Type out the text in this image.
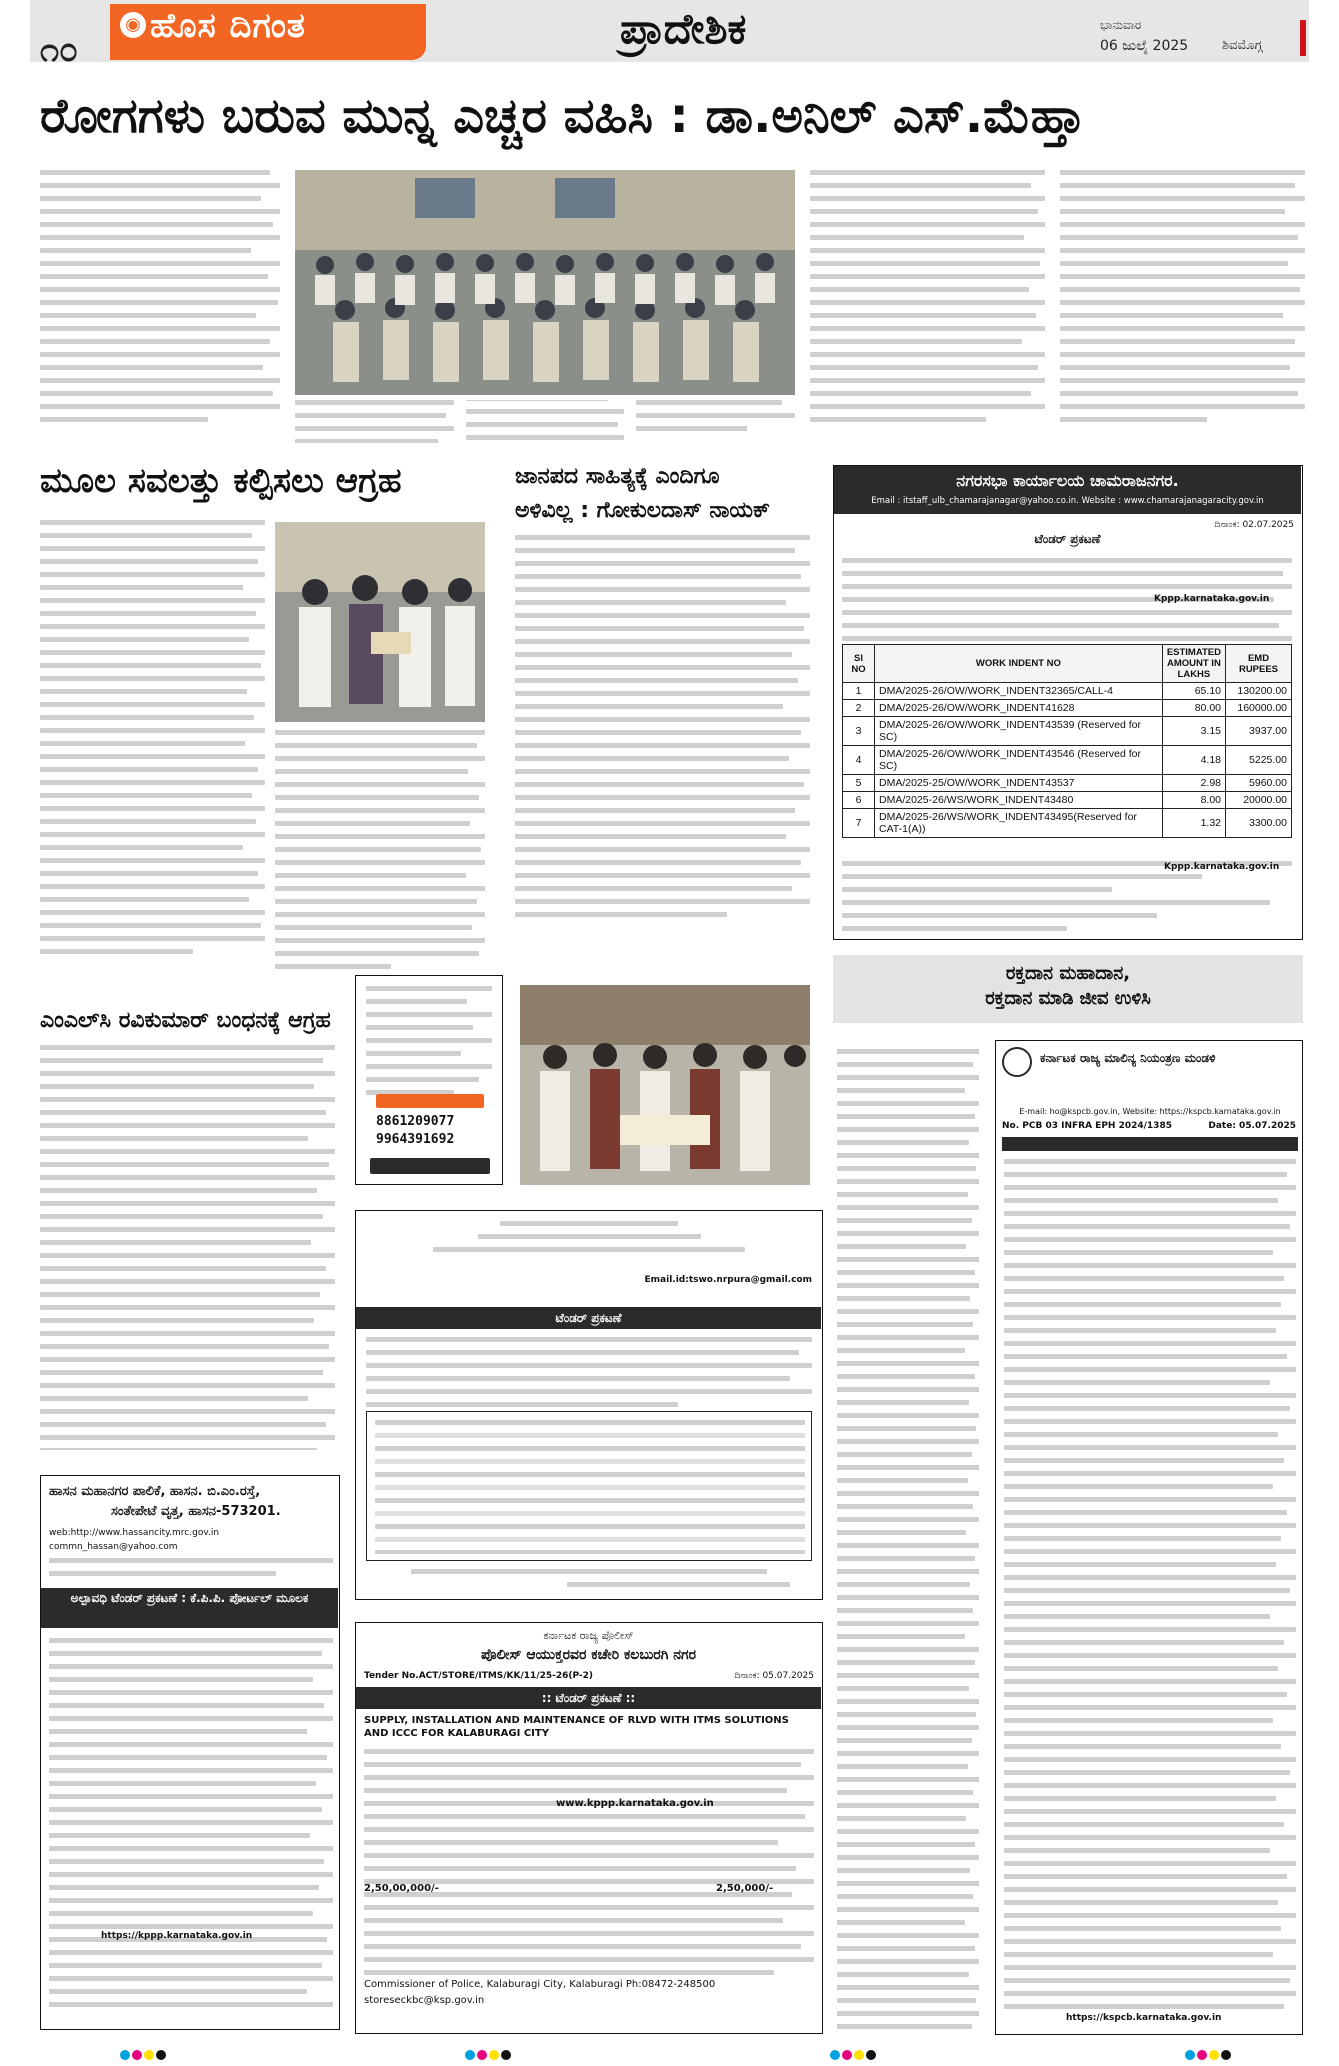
೧೦
◉ ಹೊಸ ದಿಗಂತ	ಪ್ರಾದೇಶಿಕ	ಭಾನುವಾರ
06 ಜುಲೈ 2025	ಶಿವಮೊಗ್ಗ
ರೋಗಗಳು ಬರುವ ಮುನ್ನ ಎಚ್ಚರ ವಹಿಸಿ : ಡಾ.ಅನಿಲ್ ಎಸ್.ಮೆಹ್ತಾ
ಮೂಲ ಸವಲತ್ತು ಕಲ್ಪಿಸಲು ಆಗ್ರಹ	ಜಾನಪದ ಸಾಹಿತ್ಯಕ್ಕೆ ಎಂದಿಗೂ
ಅಳಿವಿಲ್ಲ : ಗೋಕುಲದಾಸ್ ನಾಯಕ್
ಎಂಎಲ್‌ಸಿ ರವಿಕುಮಾರ್ ಬಂಧನಕ್ಕೆ ಆಗ್ರಹ
8861209077
9964391692
ನಗರಸಭಾ ಕಾರ್ಯಾಲಯ ಚಾಮರಾಜನಗರ.
Email : itstaff_ulb_chamarajanagar@yahoo.co.in. Website : www.chamarajanagaracity.gov.in
ದಿನಾಂಕ: 02.07.2025
ಟೆಂಡರ್ ಪ್ರಕಟಣೆ
Kppp.karnataka.gov.in
Sl NO	WORK INDENT NO	ESTIMATED AMOUNT IN LAKHS	EMD RUPEES
1	DMA/2025-26/OW/WORK_INDENT32365/CALL-4	65.10	130200.00
2	DMA/2025-26/OW/WORK_INDENT41628	80.00	160000.00
3	DMA/2025-26/OW/WORK_INDENT43539 (Reserved for SC)	3.15	3937.00
4	DMA/2025-26/OW/WORK_INDENT43546 (Reserved for SC)	4.18	5225.00
5	DMA/2025-25/OW/WORK_INDENT43537	2.98	5960.00
6	DMA/2025-26/WS/WORK_INDENT43480	8.00	20000.00
7	DMA/2025-26/WS/WORK_INDENT43495(Reserved for CAT-1(A))	1.32	3300.00
Kppp.karnataka.gov.in
ರಕ್ತದಾನ ಮಹಾದಾನ,
ರಕ್ತದಾನ ಮಾಡಿ ಜೀವ ಉಳಿಸಿ
ಕರ್ನಾಟಕ ರಾಜ್ಯ ಮಾಲಿನ್ಯ ನಿಯಂತ್ರಣ ಮಂಡಳಿ
E-mail: ho@kspcb.gov.in, Website: https://kspcb.karnataka.gov.in
No. PCB 03 INFRA EPH 2024/1385	Date: 05.07.2025
https://kspcb.karnataka.gov.in
Email.id:tswo.nrpura@gmail.com
ಟೆಂಡರ್ ಪ್ರಕಟಣೆ
ಹಾಸನ ಮಹಾನಗರ ಪಾಲಿಕೆ, ಹಾಸನ. ಬಿ.ಎಂ.ರಸ್ತೆ,
ಸಂತೇಪೇಟೆ ವೃತ್ತ, ಹಾಸನ-573201.
web:http://www.hassancity.mrc.gov.in
commn_hassan@yahoo.com
ಅಲ್ಪಾವಧಿ ಟೆಂಡರ್ ಪ್ರಕಟಣೆ : ಕೆ.ಪಿ.ಪಿ. ಪೋರ್ಟಲ್ ಮೂಲಕ
https://kppp.karnataka.gov.in
ಕರ್ನಾಟಕ ರಾಜ್ಯ ಪೊಲೀಸ್
ಪೊಲೀಸ್ ಆಯುಕ್ತರವರ ಕಚೇರಿ ಕಲಬುರಗಿ ನಗರ
Tender No.ACT/STORE/ITMS/KK/11/25-26(P-2)	ದಿನಾಂಕ: 05.07.2025
:: ಟೆಂಡರ್ ಪ್ರಕಟಣೆ ::
SUPPLY, INSTALLATION AND MAINTENANCE OF RLVD WITH ITMS SOLUTIONS AND ICCC FOR KALABURAGI CITY
2,50,00,000/-	2,50,000/-
www.kppp.karnataka.gov.in
Commissioner of Police, Kalaburagi City, Kalaburagi Ph:08472-248500
storeseckbc@ksp.gov.in
